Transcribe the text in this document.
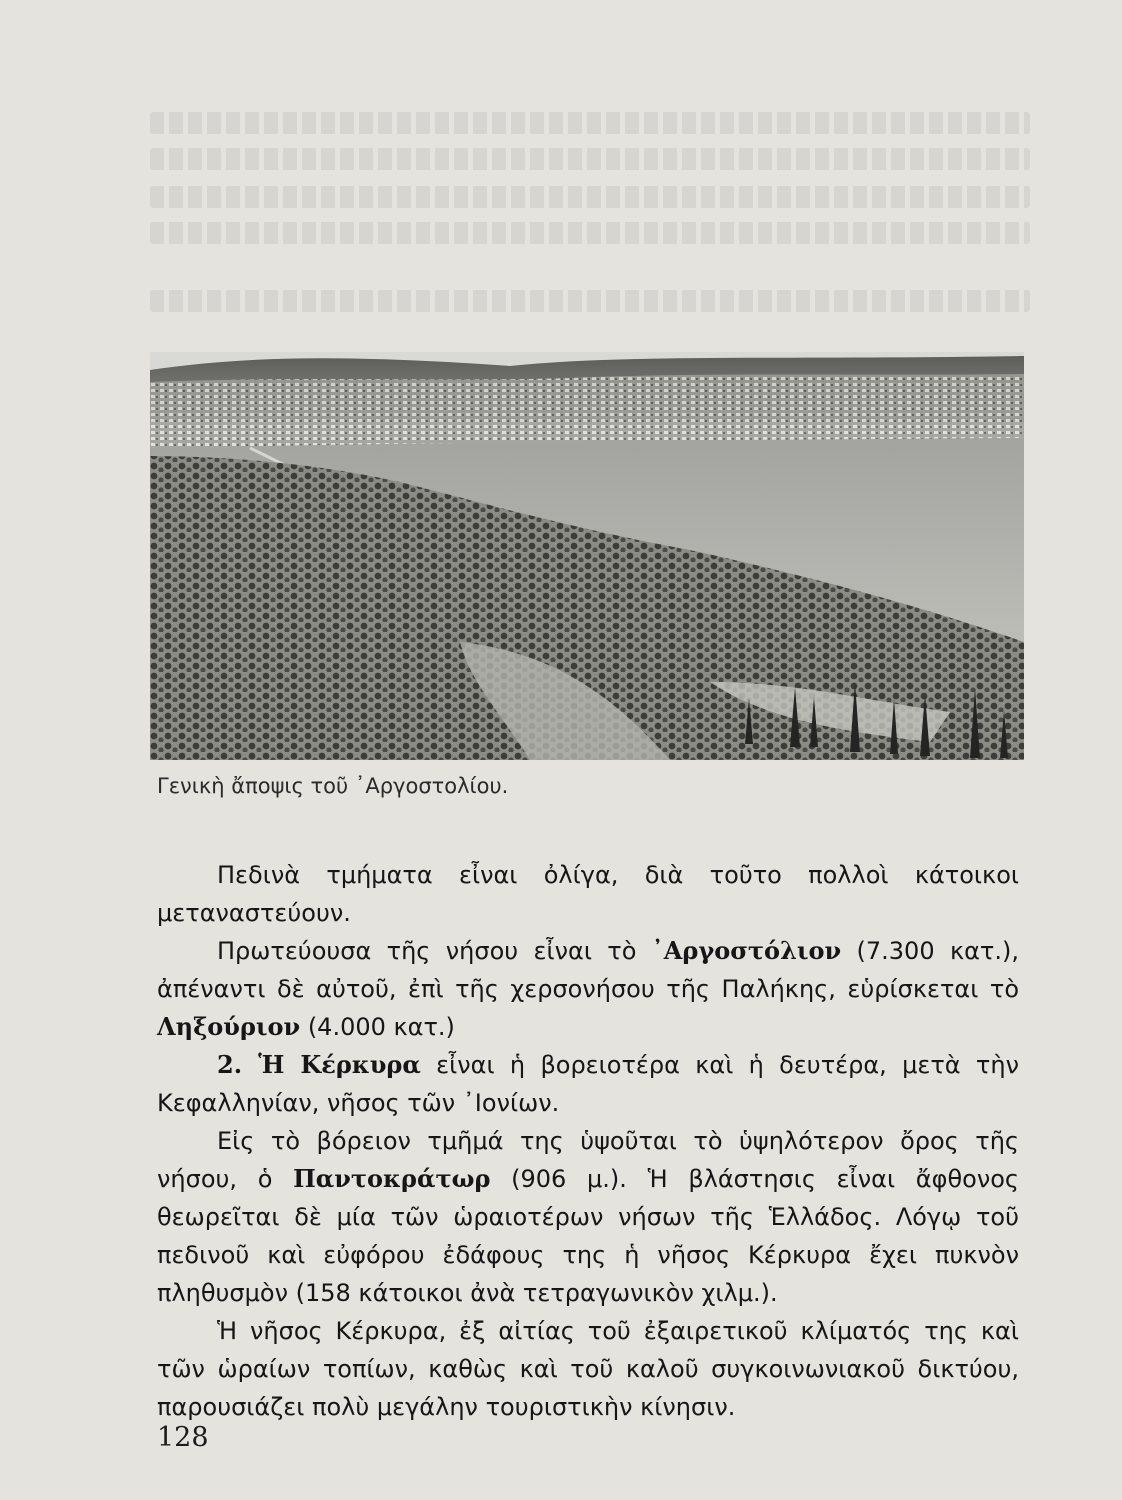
Γενικὴ ἄποψις τοῦ ᾽Αργοστολίου.

Πεδινὰ τμήματα εἶναι ὀλίγα, διὰ τοῦτο πολλοὶ κάτοικοι μεταναστεύουν.

Πρωτεύουσα τῆς νήσου εἶναι τὸ ᾽Αργοστόλιον (7.300 κατ.), ἀπέναντι δὲ αὐτοῦ, ἐπὶ τῆς χερσονήσου τῆς Παλήκης, εὑρίσκεται τὸ Ληξούριον (4.000 κατ.)

2. Ἡ Κέρκυρα εἶναι ἡ βορειοτέρα καὶ ἡ δευτέρα, μετὰ τὴν Κεφαλληνίαν, νῆσος τῶν ᾽Ιονίων.

Εἰς τὸ βόρειον τμῆμά της ὑψοῦται τὸ ὑψηλότερον ὄρος τῆς νήσου, ὁ Παντοκράτωρ (906 μ.). Ἡ βλάστησις εἶναι ἄφθονος θεωρεῖται δὲ μία τῶν ὡραιοτέρων νήσων τῆς Ἑλλάδος. Λόγῳ τοῦ πεδινοῦ καὶ εὐφόρου ἐδάφους της ἡ νῆσος Κέρκυρα ἔχει πυκνὸν πληθυσμὸν (158 κάτοικοι ἀνὰ τετραγωνικὸν χιλμ.).

Ἡ νῆσος Κέρκυρα, ἐξ αἰτίας τοῦ ἐξαιρετικοῦ κλίματός της καὶ τῶν ὡραίων τοπίων, καθὼς καὶ τοῦ καλοῦ συγκοινωνιακοῦ δικτύου, παρουσιάζει πολὺ μεγάλην τουριστικὴν κίνησιν.

128
